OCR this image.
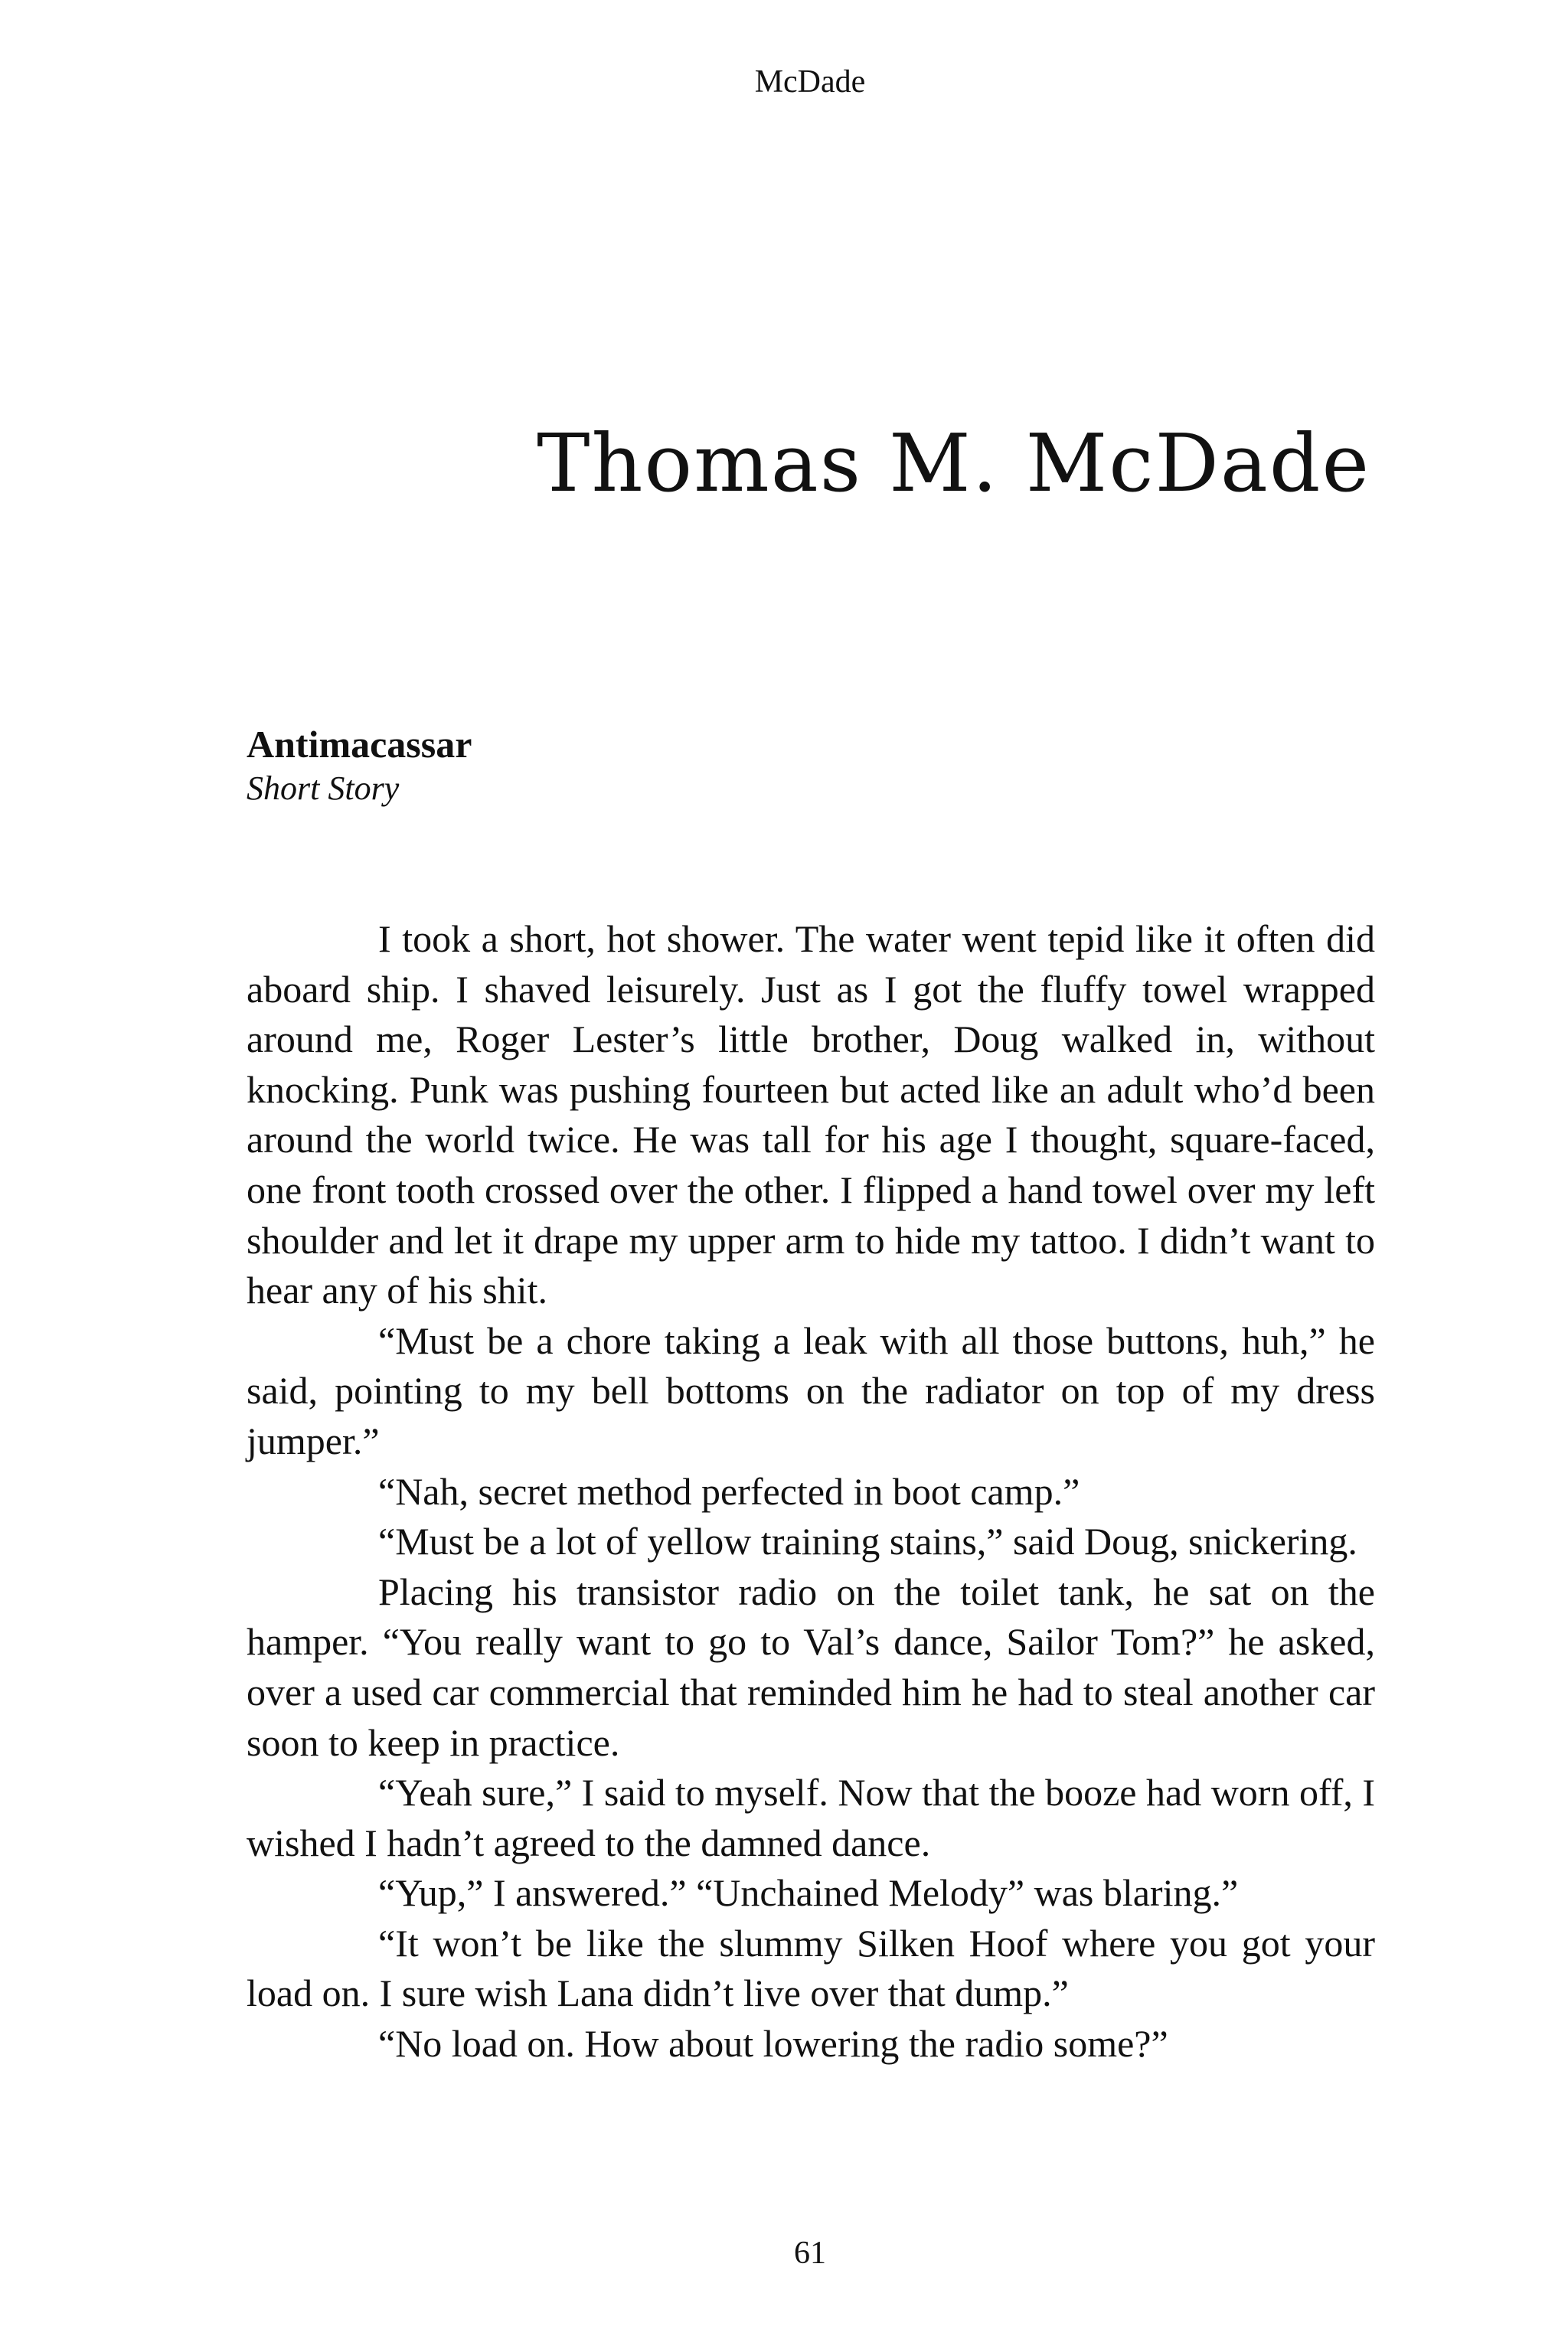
McDade
Thomas M. McDade
Antimacassar
Short Story

I took a short, hot shower. The water went tepid like it often did aboard ship. I shaved leisurely. Just as I got the fluffy towel wrapped around me, Roger Lester’s little brother, Doug walked in, without knocking. Punk was pushing fourteen but acted like an adult who’d been around the world twice. He was tall for his age I thought, square-faced, one front tooth crossed over the other. I flipped a hand towel over my left shoulder and let it drape my upper arm to hide my tattoo. I didn’t want to hear any of his shit.

“Must be a chore taking a leak with all those buttons, huh,” he said, pointing to my bell bottoms on the radiator on top of my dress jumper.”

“Nah, secret method perfected in boot camp.”

“Must be a lot of yellow training stains,” said Doug, snickering.

Placing his transistor radio on the toilet tank, he sat on the hamper. “You really want to go to Val’s dance, Sailor Tom?” he asked, over a used car commercial that reminded him he had to steal another car soon to keep in practice.

“Yeah sure,” I said to myself. Now that the booze had worn off, I wished I hadn’t agreed to the damned dance.

“Yup,” I answered.” “Unchained Melody” was blaring.”

“It won’t be like the slummy Silken Hoof where you got your load on. I sure wish Lana didn’t live over that dump.”

“No load on. How about lowering the radio some?”

61
